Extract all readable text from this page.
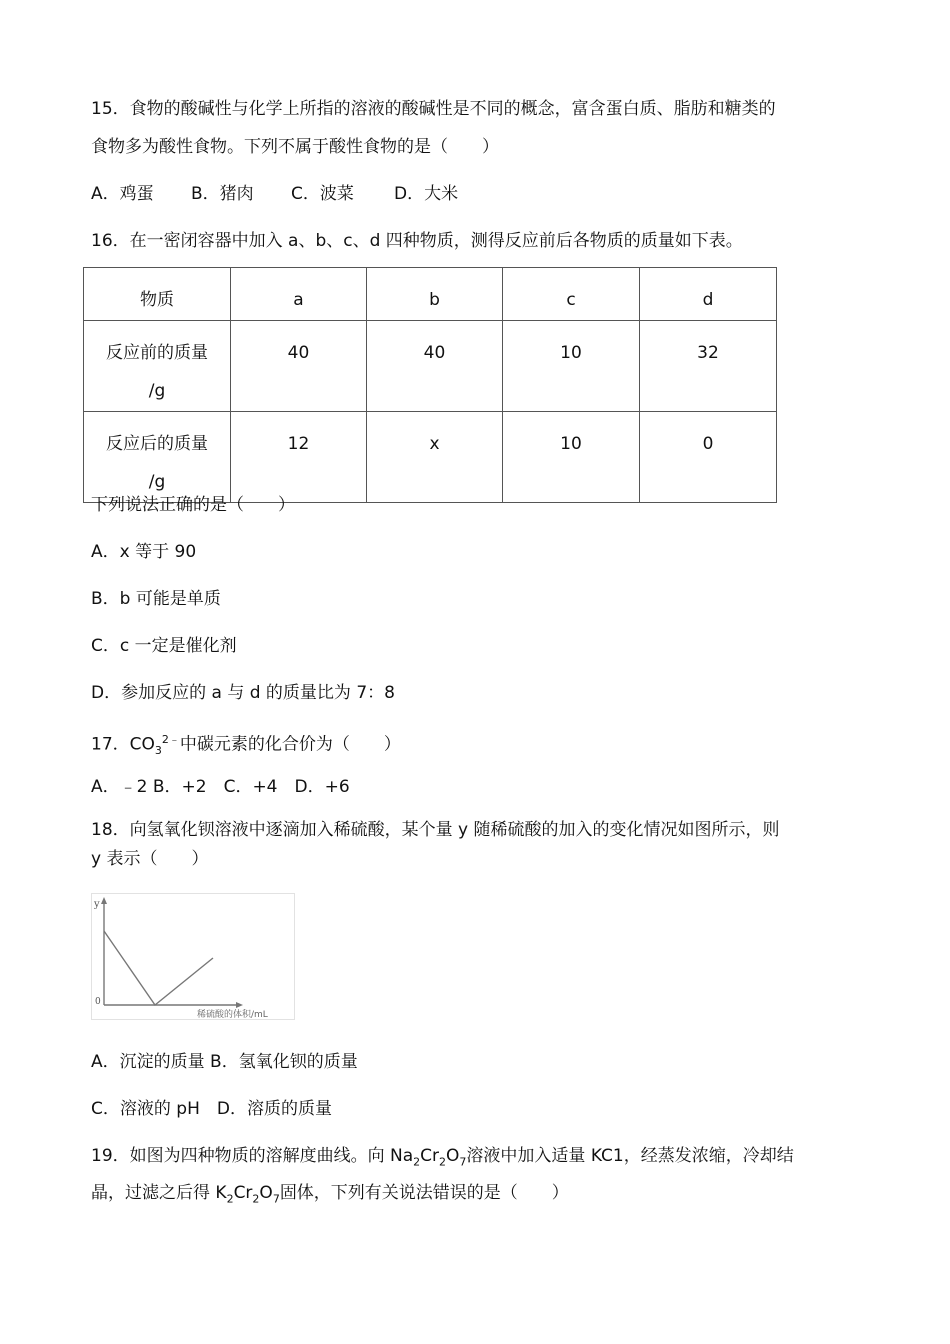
15．食物的酸碱性与化学上所指的溶液的酸碱性是不同的概念，富含蛋白质、脂肪和糖类的
食物多为酸性食物。下列不属于酸性食物的是（　　）
A．鸡蛋 B．猪肉 C．波菜 D．大米
16．在一密闭容器中加入 a、b、c、d 四种物质，测得反应前后各物质的质量如下表。
物质	a	b	c	d
反应前的质量
/g	40	40	10	32
反应后的质量
/g	12	x	10	0
下列说法正确的是（　　）
A．x 等于 90
B．b 可能是单质
C．c 一定是催化剂
D．参加反应的 a 与 d 的质量比为 7：8
17．$CO_3^{2﹣}$中碳元素的化合价为（　　）
A．﹣2 B．+2　C．+4　D．+6
18．向氢氧化钡溶液中逐滴加入稀硫酸，某个量 y 随稀硫酸的加入的变化情况如图所示，则
y 表示（　　）
y
0
稀硫酸的体积/mL
A．沉淀的质量 B．氢氧化钡的质量
C．溶液的 pH　D．溶质的质量
19．如图为四种物质的溶解度曲线。向 $Na_2Cr_2O_7$溶液中加入适量 KC1，经蒸发浓缩，冷却结
晶，过滤之后得 $K_2Cr_2O_7$固体，下列有关说法错误的是（　　）
